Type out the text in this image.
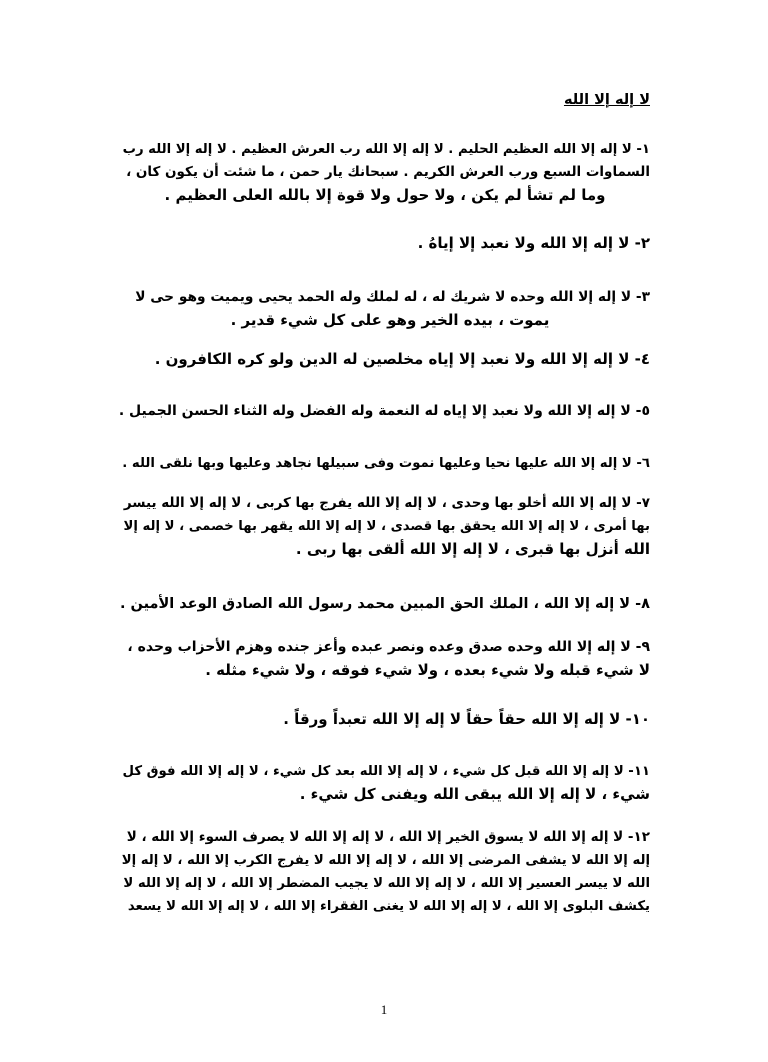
لا إله إلا الله
١- لا إله إلا الله العظيم الحليم . لا إله إلا الله رب العرش العظيم . لا إله إلا الله رب
السماوات السبع ورب العرش الكريم . سبحانك يار حمن ، ما شئت أن يكون كان ،
وما لم تشأ لم يكن ، ولا حول ولا قوة إلا بالله العلى العظيم .
٢- لا إله إلا الله ولا نعبد إلا إياهُ .
٣- لا إله إلا الله وحده لا شريك له ، له لملك وله الحمد يحيى ويميت وهو حى لا
يموت ، بيده الخير وهو على كل شيء قدير .
٤- لا إله إلا الله ولا نعبد إلا إياه مخلصين له الدين ولو كره الكافرون .
٥- لا إله إلا الله ولا نعبد إلا إياه له النعمة وله الفضل وله الثناء الحسن الجميل .
٦- لا إله إلا الله عليها نحيا وعليها نموت وفى سبيلها نجاهد وعليها وبها نلقى الله .
٧- لا إله إلا الله أخلو بها وحدى ، لا إله إلا الله يفرج بها كربى ، لا إله إلا الله ييسر
بها أمرى ، لا إله إلا الله يحقق بها قصدى ، لا إله إلا الله يقهر بها خصمى ، لا إله إلا
الله أنزل بها قبرى ، لا إله إلا الله ألقى بها ربى .
٨- لا إله إلا الله ، الملك الحق المبين محمد رسول الله الصادق الوعد الأمين .
٩- لا إله إلا الله وحده صدق وعده ونصر عبده وأعز جنده وهزم الأحزاب وحده ،
لا شيء قبله ولا شيء بعده ، ولا شيء فوقه ، ولا شيء مثله .
١٠- لا إله إلا الله حقاً حقاً لا إله إلا الله تعبداً ورقاً .
١١- لا إله إلا الله قبل كل شيء ، لا إله إلا الله بعد كل شيء ، لا إله إلا الله فوق كل
شيء ، لا إله إلا الله يبقى الله ويفنى كل شيء .
١٢- لا إله إلا الله لا يسوق الخير إلا الله ، لا إله إلا الله لا يصرف السوء إلا الله ، لا
إله إلا الله لا يشفى المرضى إلا الله ، لا إله إلا الله لا يفرج الكرب إلا الله ، لا إله إلا
الله لا ييسر العسير إلا الله ، لا إله إلا الله لا يجيب المضطر إلا الله ، لا إله إلا الله لا
يكشف البلوى إلا الله ، لا إله إلا الله لا يغنى الفقراء إلا الله ، لا إله إلا الله لا يسعد
1
